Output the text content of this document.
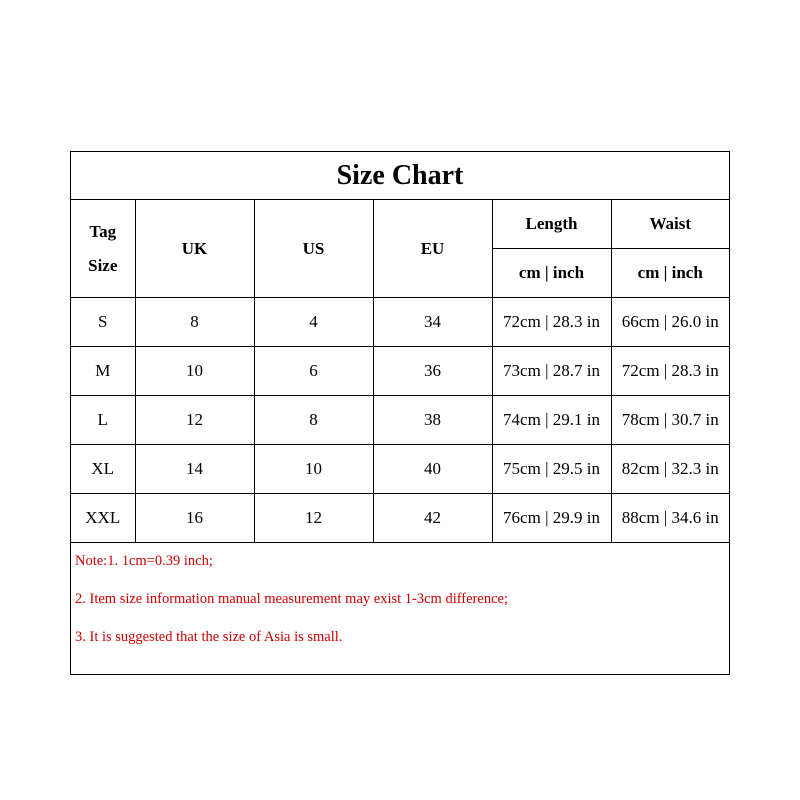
Size Chart
Tag
Size	UK	US	EU	Length	Waist
				cm | inch	cm | inch
S	8	4	34	72cm | 28.3 in	66cm | 26.0 in
M	10	6	36	73cm | 28.7 in	72cm | 28.3 in
L	12	8	38	74cm | 29.1 in	78cm | 30.7 in
XL	14	10	40	75cm | 29.5 in	82cm | 32.3 in
XXL	16	12	42	76cm | 29.9 in	88cm | 34.6 in
Note:1. 1cm=0.39 inch;
2. Item size information manual measurement may exist 1-3cm difference;
3. It is suggested that the size of Asia is small.
